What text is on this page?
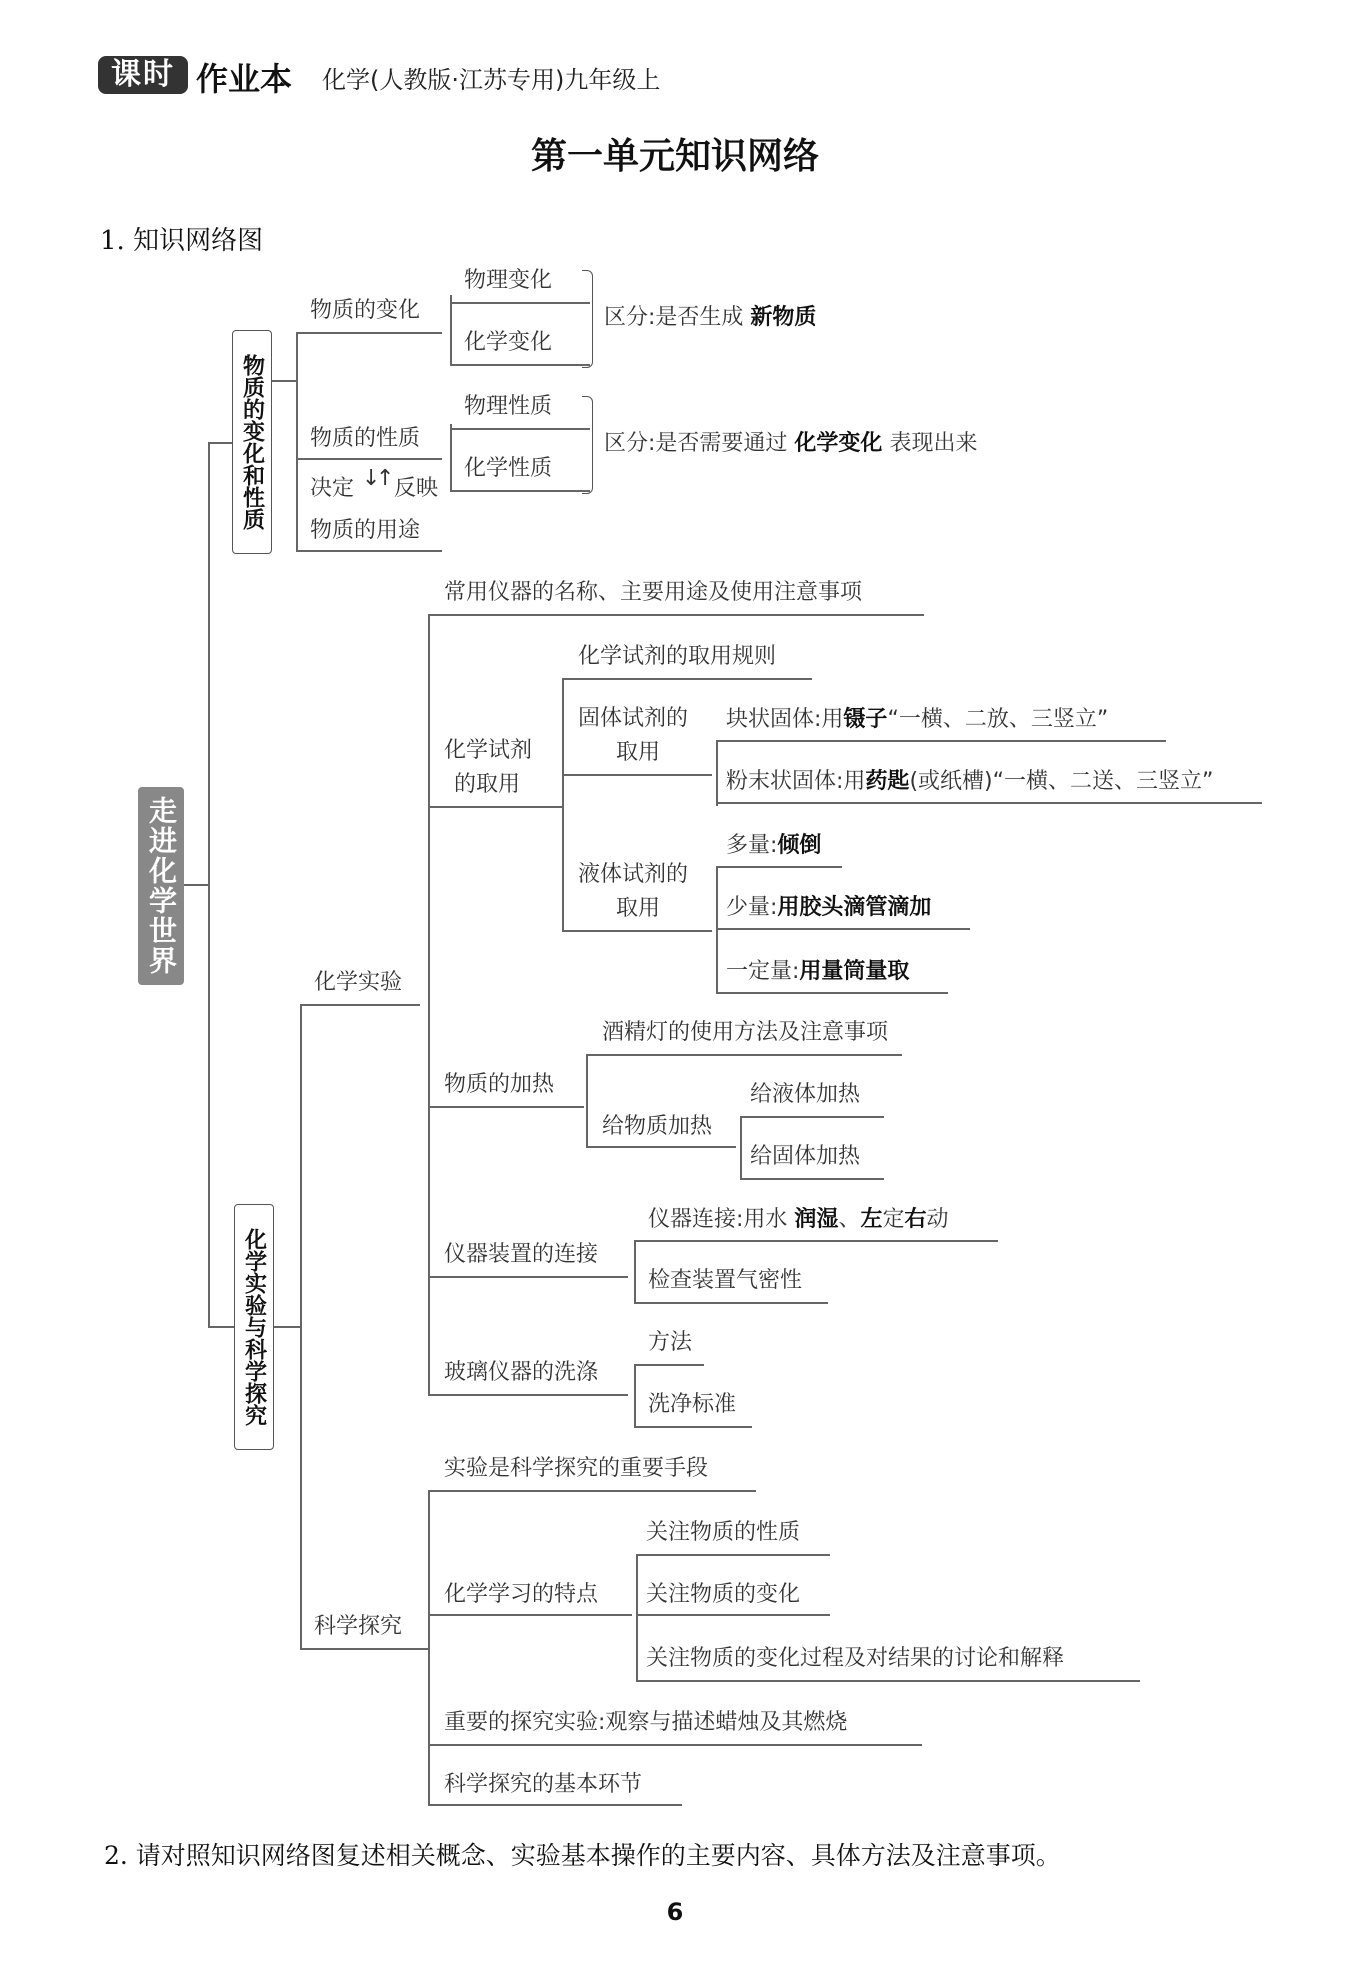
课时 作业本 化学(人教版·江苏专用)九年级上
第一单元知识网络
1. 知识网络图
走进化学世界
物质的变化和性质
物质的变化
物理变化
化学变化
区分:是否生成 新物质
物质的性质
物理性质
化学性质
区分:是否需要通过 化学变化 表现出来
决定 ↓
↑ 反映
物质的用途
化学实验与科学探究
化学实验
常用仪器的名称、主要用途及使用注意事项
化学试剂
的取用
化学试剂的取用规则
固体试剂的
取用
块状固体:用镊子“一横、二放、三竖立”
粉末状固体:用药匙(或纸槽)“一横、二送、三竖立”
液体试剂的
取用
多量:倾倒
少量:用胶头滴管滴加
一定量:用量筒量取
物质的加热
酒精灯的使用方法及注意事项
给物质加热
给液体加热
给固体加热
仪器装置的连接
仪器连接:用水 润湿、左定右动
检查装置气密性
玻璃仪器的洗涤
方法
洗净标准
科学探究
实验是科学探究的重要手段
化学学习的特点
关注物质的性质
关注物质的变化
关注物质的变化过程及对结果的讨论和解释
重要的探究实验:观察与描述蜡烛及其燃烧
科学探究的基本环节
2. 请对照知识网络图复述相关概念、实验基本操作的主要内容、具体方法及注意事项。
6
